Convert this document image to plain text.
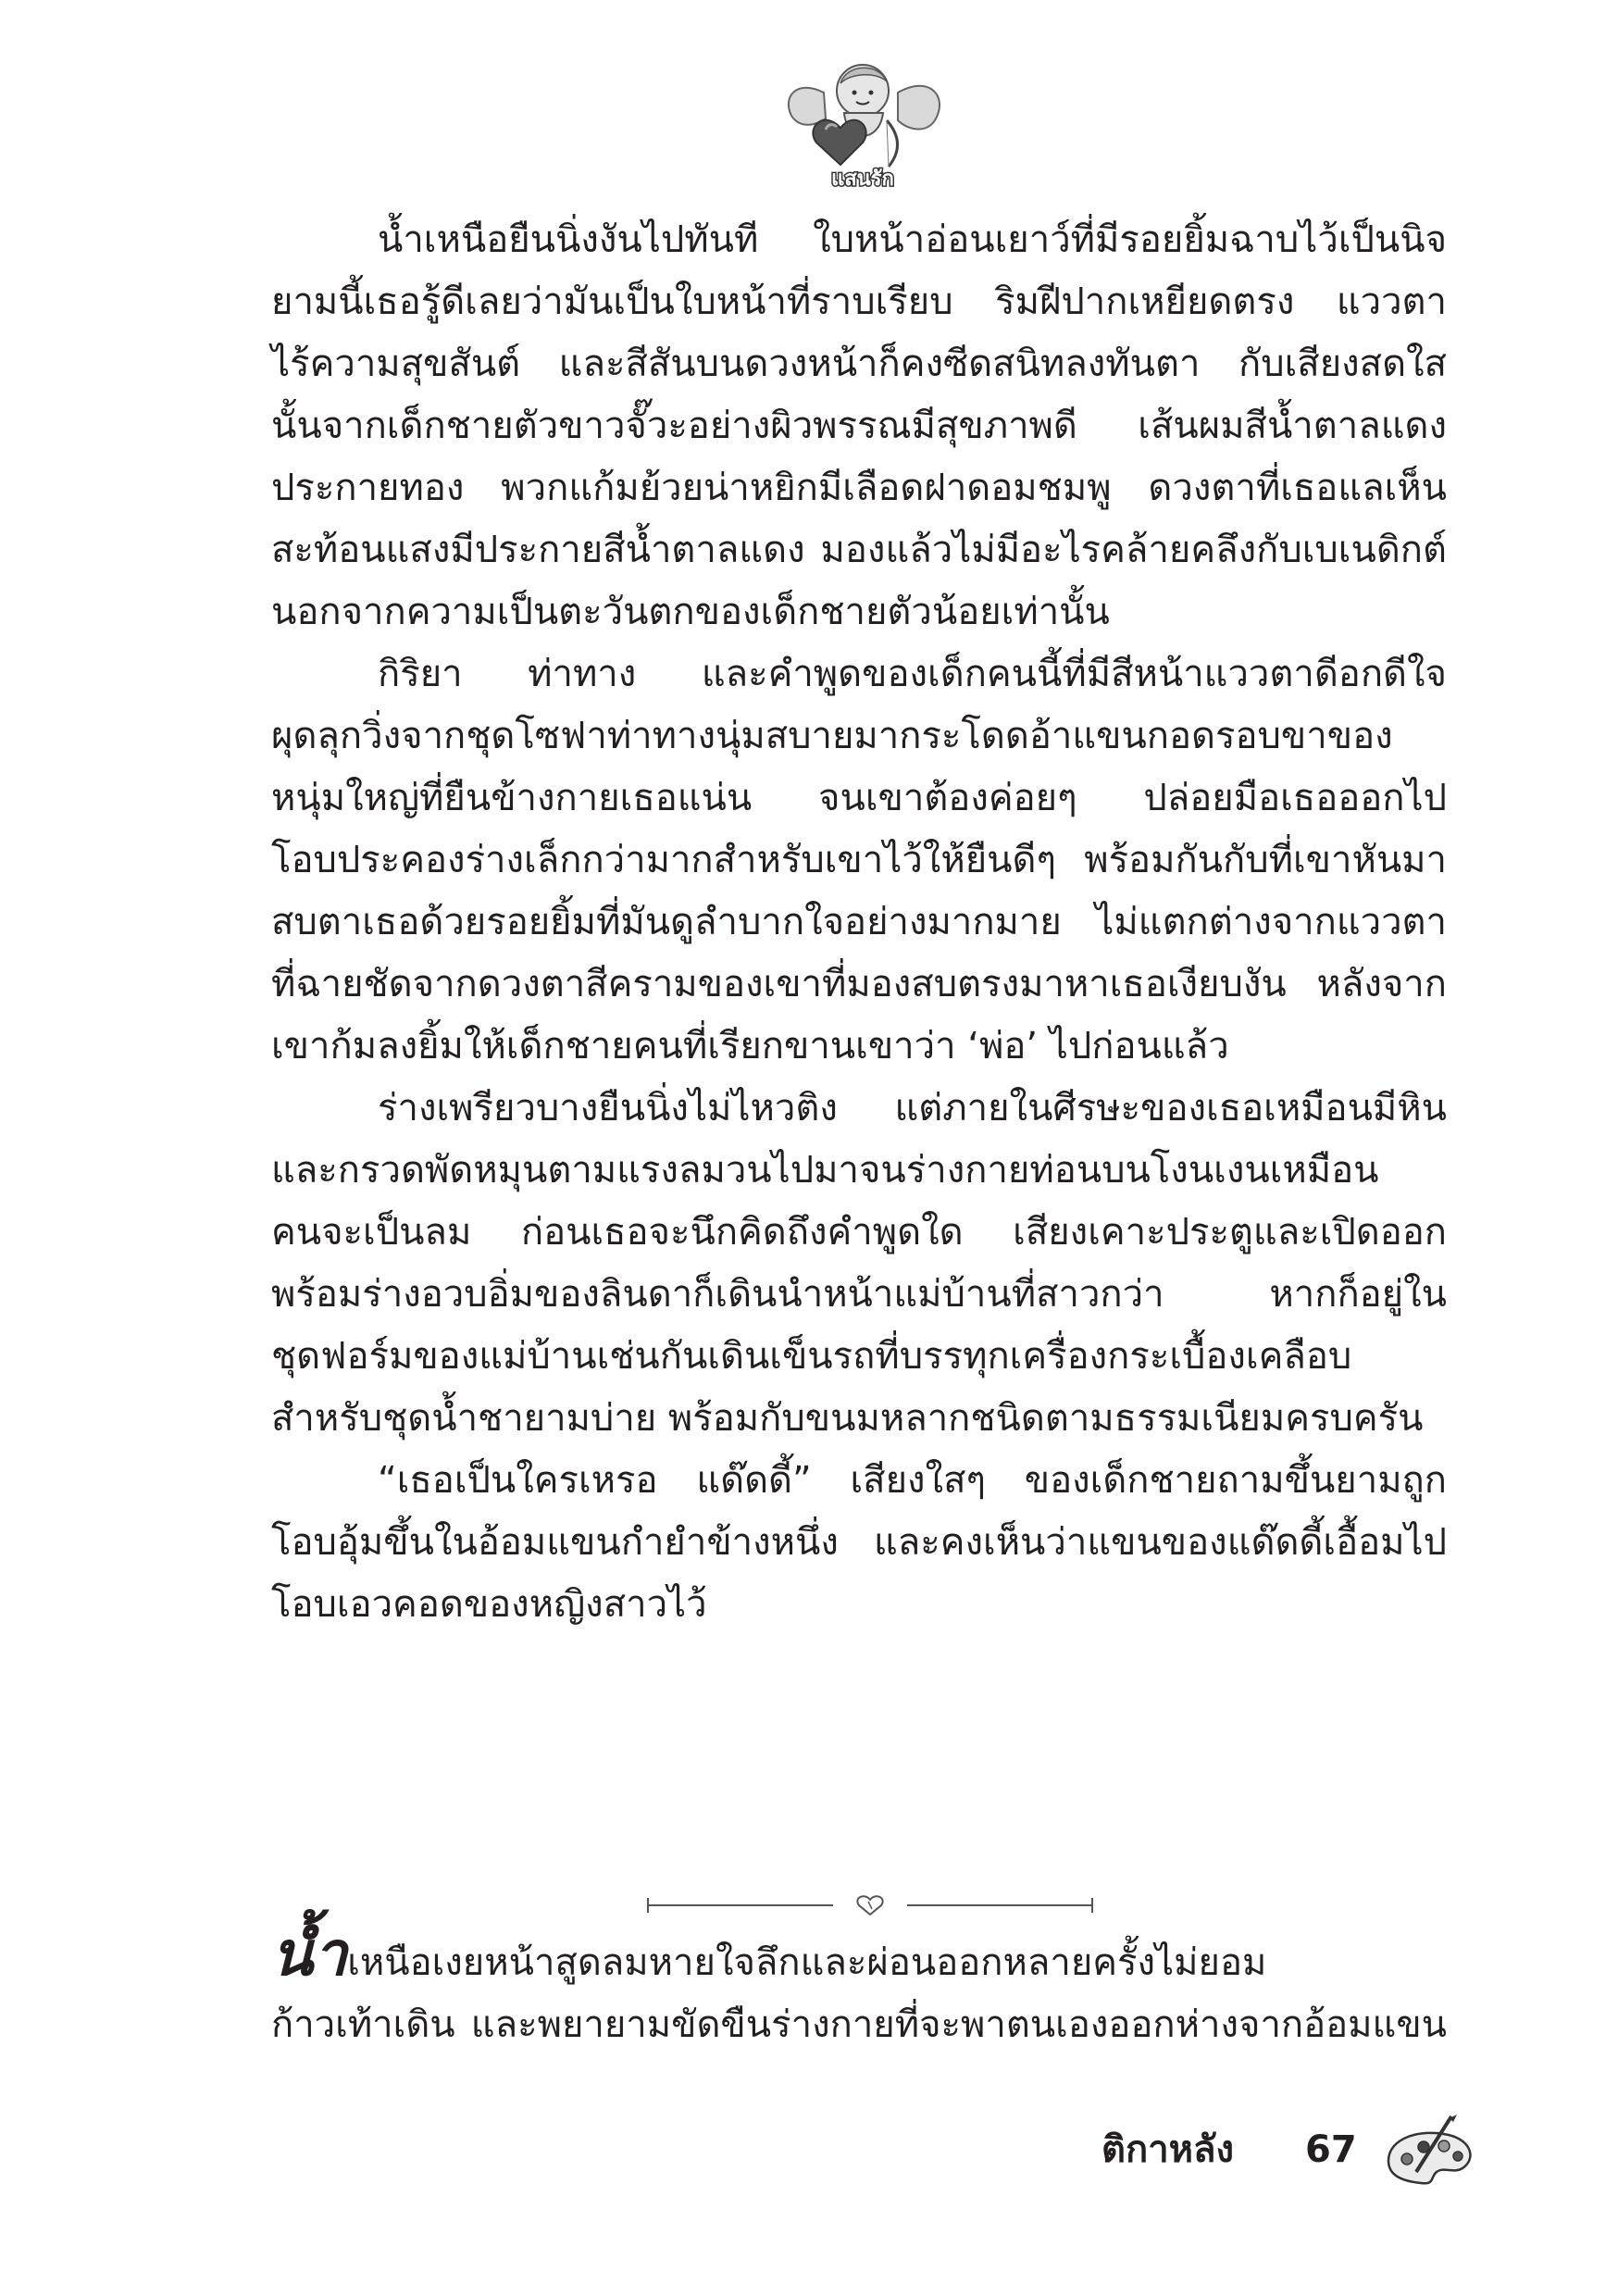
แสนรัก

น้ำเหนือยืนนิ่งงันไปทันที ใบหน้าอ่อนเยาว์ที่มีรอยยิ้มฉาบไว้เป็นนิจ

ยามนี้เธอรู้ดีเลยว่ามันเป็นใบหน้าที่ราบเรียบ ริมฝีปากเหยียดตรง แววตา

ไร้ความสุขสันต์ และสีสันบนดวงหน้าก็คงซีดสนิทลงทันตา กับเสียงสดใส

นั้นจากเด็กชายตัวขาวจั๊วะอย่างผิวพรรณมีสุขภาพดี เส้นผมสีน้ำตาลแดง

ประกายทอง พวกแก้มย้วยน่าหยิกมีเลือดฝาดอมชมพู ดวงตาที่เธอแลเห็น

สะท้อนแสงมีประกายสีน้ำตาลแดง มองแล้วไม่มีอะไรคล้ายคลึงกับเบเนดิกต์

นอกจากความเป็นตะวันตกของเด็กชายตัวน้อยเท่านั้น

กิริยา ท่าทาง และคำพูดของเด็กคนนี้ที่มีสีหน้าแววตาดีอกดีใจ

ผุดลุกวิ่งจากชุดโซฟาท่าทางนุ่มสบายมากระโดดอ้าแขนกอดรอบขาของ

หนุ่มใหญ่ที่ยืนข้างกายเธอแน่น จนเขาต้องค่อยๆ ปล่อยมือเธอออกไป

โอบประคองร่างเล็กกว่ามากสำหรับเขาไว้ให้ยืนดีๆ พร้อมกันกับที่เขาหันมา

สบตาเธอด้วยรอยยิ้มที่มันดูลำบากใจอย่างมากมาย ไม่แตกต่างจากแววตา

ที่ฉายชัดจากดวงตาสีครามของเขาที่มองสบตรงมาหาเธอเงียบงัน หลังจาก

เขาก้มลงยิ้มให้เด็กชายคนที่เรียกขานเขาว่า ‘พ่อ’ ไปก่อนแล้ว

ร่างเพรียวบางยืนนิ่งไม่ไหวติง แต่ภายในศีรษะของเธอเหมือนมีหิน

และกรวดพัดหมุนตามแรงลมวนไปมาจนร่างกายท่อนบนโงนเงนเหมือน

คนจะเป็นลม ก่อนเธอจะนึกคิดถึงคำพูดใด เสียงเคาะประตูและเปิดออก

พร้อมร่างอวบอิ่มของลินดาก็เดินนำหน้าแม่บ้านที่สาวกว่า หากก็อยู่ใน

ชุดฟอร์มของแม่บ้านเช่นกันเดินเข็นรถที่บรรทุกเครื่องกระเบื้องเคลือบ

สำหรับชุดน้ำชายามบ่าย พร้อมกับขนมหลากชนิดตามธรรมเนียมครบครัน

“เธอเป็นใครเหรอ แด๊ดดี้” เสียงใสๆ ของเด็กชายถามขึ้นยามถูก

โอบอุ้มขึ้นในอ้อมแขนกำยำข้างหนึ่ง และคงเห็นว่าแขนของแด๊ดดี้เอื้อมไป

โอบเอวคอดของหญิงสาวไว้

น้ำเหนือเงยหน้าสูดลมหายใจลึกและผ่อนออกหลายครั้งไม่ยอม

ก้าวเท้าเดิน และพยายามขัดขืนร่างกายที่จะพาตนเองออกห่างจากอ้อมแขน

ติกาหลัง 67
